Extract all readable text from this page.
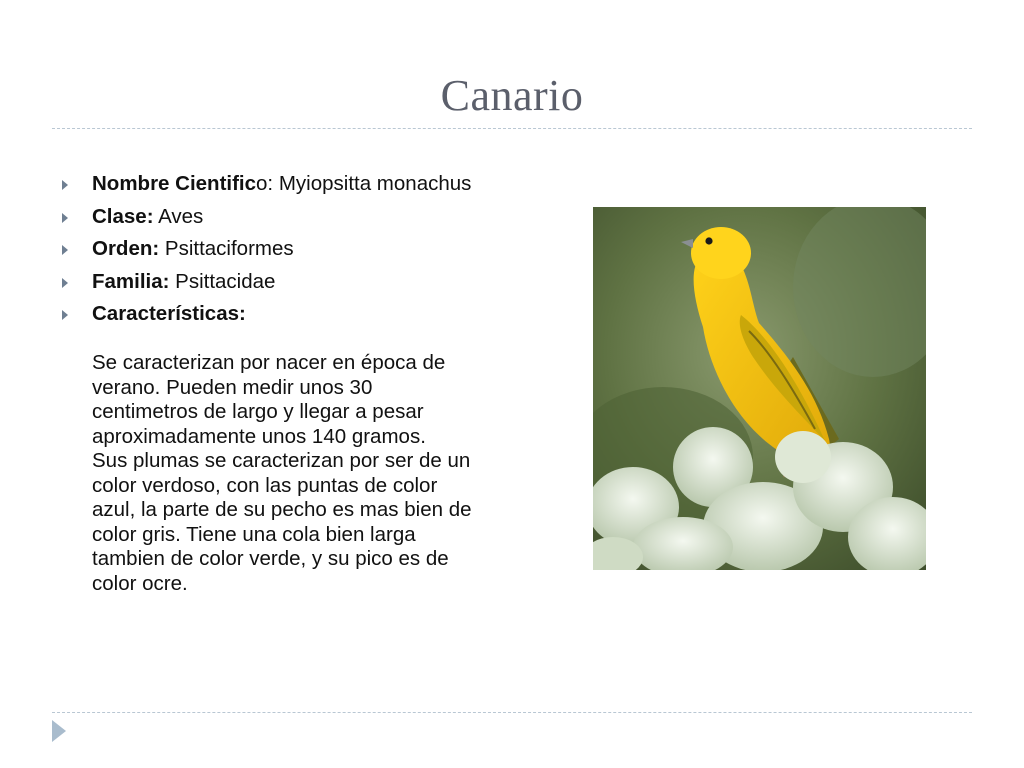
Canario
Nombre Cientifico: Myiopsitta monachus
Clase: Aves
Orden: Psittaciformes
Familia: Psittacidae
Características:

Se caracterizan por nacer en época de verano. Pueden medir unos 30 centimetros de largo y llegar a pesar aproximadamente unos 140 gramos.
Sus plumas se caracterizan por ser de un color verdoso, con las puntas de color azul, la parte de su pecho es mas bien de color gris. Tiene una cola bien larga tambien de color verde, y su pico es de color ocre.
